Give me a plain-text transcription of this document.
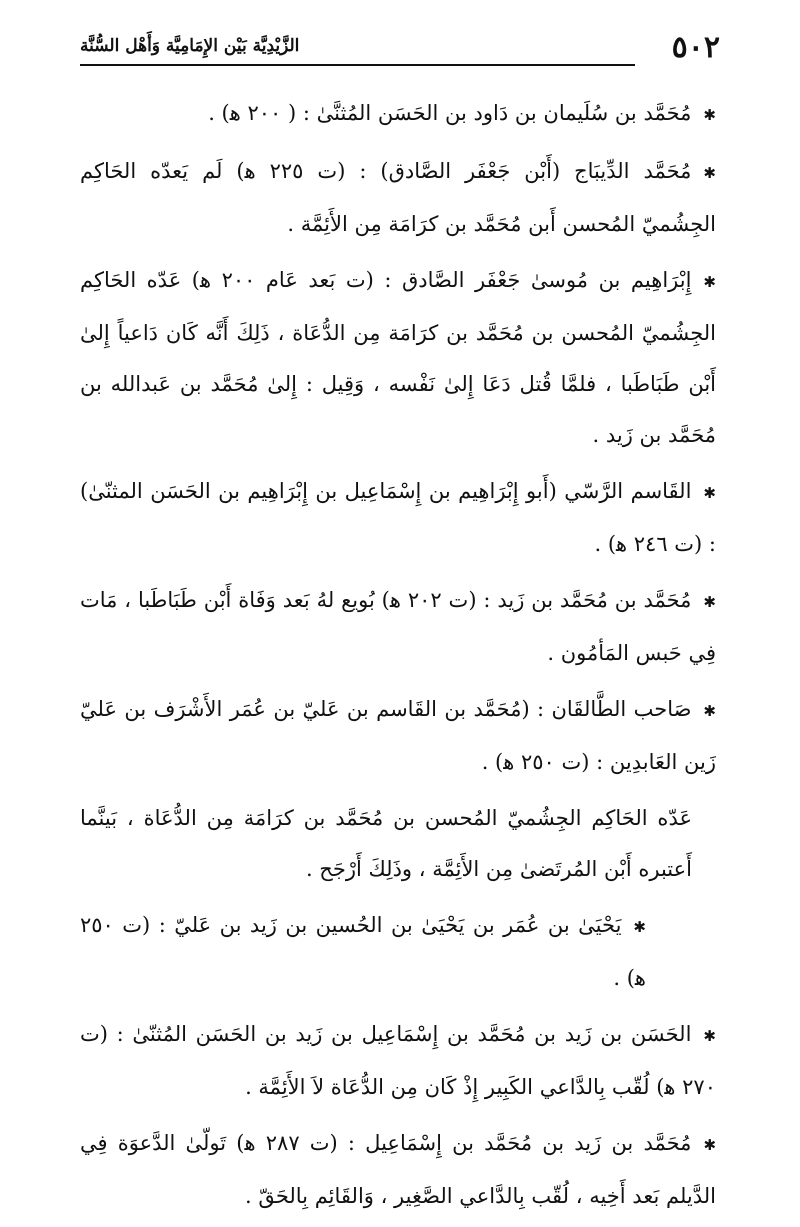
الزَّيْدِيَّة بَيْن الإِمَامِيَّة وَأَهْل السُّنَّة	٥٠٢

✱مُحَمَّد بن سُلَيمان بن دَاود بن الحَسَن المُثنَّىٰ : ( ٢٠٠ ﻫ) .

✱مُحَمَّد الدِّيبَاج (أَبْن جَعْفَر الصَّادق) : (ت ٢٢٥ ﻫ) لَم يَعدّه الحَاكِم الجِشُميّ المُحسن أَبن مُحَمَّد بن كرَامَة مِن الأَئِمَّة .

✱إِبْرَاهِيم بن مُوسىٰ جَعْفَر الصَّادق : (ت بَعد عَام ٢٠٠ ﻫ) عَدّه الحَاكِم الجِشُميّ المُحسن بن مُحَمَّد بن كرَامَة مِن الدُّعَاة ، ذَلِكَ أَنَّه كَان دَاعياً إِلىٰ أَبْن طَبَاطَبا ، فلمَّا قُتل دَعَا إِلىٰ نَفْسه ، وَقِيل : إِلىٰ مُحَمَّد بن عَبدالله بن مُحَمَّد بن زَيد .

✱القَاسم الرَّسّي (أَبو إِبْرَاهِيم بن إِسْمَاعِيل بن إِبْرَاهِيم بن الحَسَن المثنّىٰ) : (ت ٢٤٦ ﻫ) .

✱مُحَمَّد بن مُحَمَّد بن زَيد : (ت ٢٠٢ ﻫ) بُويع لهُ بَعد وَفَاة أَبْن طَبَاطَبا ، مَات فِي حَبس المَأمُون .

✱صَاحب الطَّالقَان : (مُحَمَّد بن القَاسم بن عَليّ بن عُمَر الأَشْرَف بن عَليّ زَين العَابدِين : (ت ٢٥٠ ﻫ) .

عَدّه الحَاكِم الجِشُميّ المُحسن بن مُحَمَّد بن كرَامَة مِن الدُّعَاة ، بَينَّما أَعتبره أَبْن المُرتَضىٰ مِن الأَئِمَّة ، وذَلِكَ أَرْجَح .

✱يَحْيَىٰ بن عُمَر بن يَحْيَىٰ بن الحُسين بن زَيد بن عَليّ : (ت ٢٥٠ ﻫ) .

✱الحَسَن بن زَيد بن مُحَمَّد بن إِسْمَاعِيل بن زَيد بن الحَسَن المُثنّىٰ : (ت ٢٧٠ ﻫ) لُقّب بِالدَّاعي الكَبِير إِذْ كَان مِن الدُّعَاة لاَ الأَئِمَّة .

✱مُحَمَّد بن زَيد بن مُحَمَّد بن إِسْمَاعِيل : (ت ٢٨٧ ﻫ) تَولّىٰ الدَّعوَة فِي الدَّيلم بَعد أَخِيه ، لُقّب بِالدَّاعي الصَّغِير ، وَالقَائِم بِالحَقّ .
